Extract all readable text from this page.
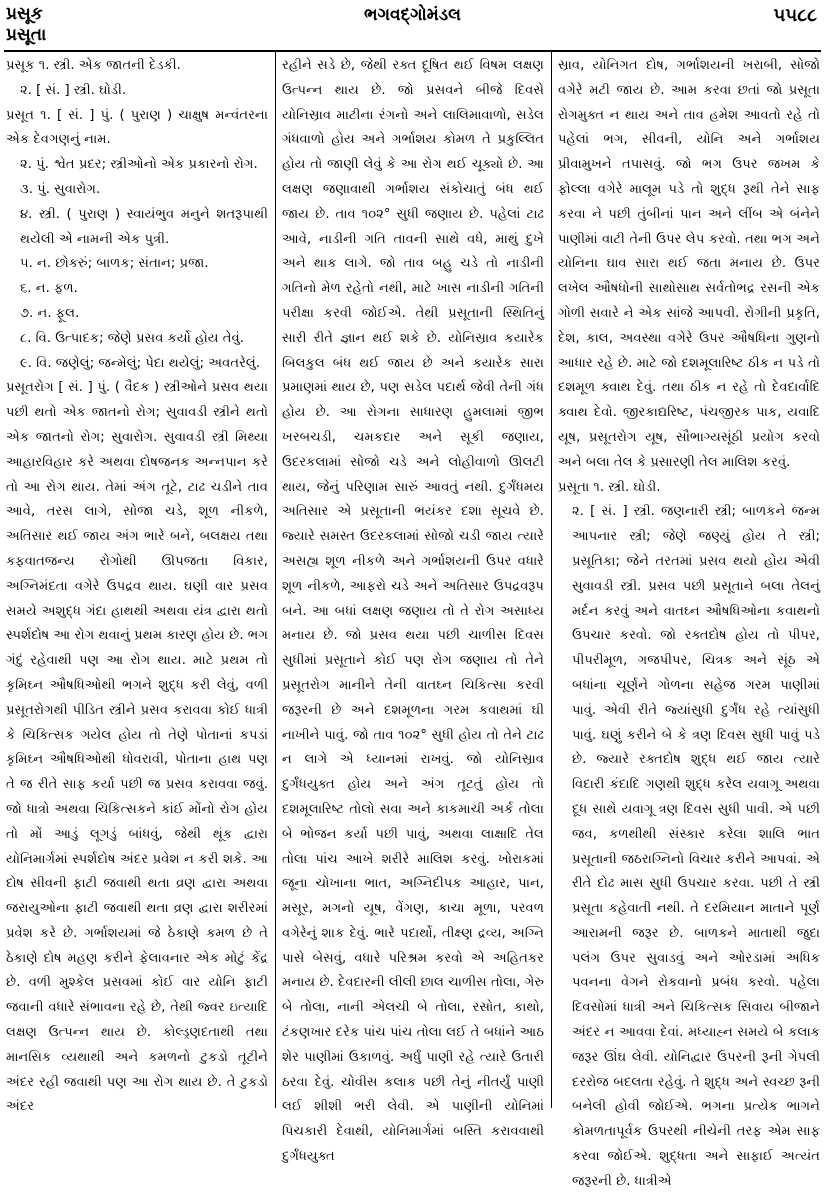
પ્રસૂક
પ્રસૂતા
ભગવદ્ગોમંડલ	૫૫૮૮

પ્રસૂક ૧. સ્ત્રી. એક જાતની દેડકી.

૨. [ સં. ] સ્ત્રી. ઘોડી.

પ્રસૂત ૧. [ સં. ] પું. ( પુરાણ ) ચાક્ષુષ મન્વંતરના એક દેવગણનું નામ.

૨. પું. શ્વેત પ્રદર; સ્ત્રીઓનો એક પ્રકારનો રોગ.

૩. પું. સુવારોગ.

૪. સ્ત્રી. ( પુરાણ ) સ્વાયંભુવ મનુને શતરૂપાથી થયેલી એ નામની એક પુત્રી.

૫. ન. છોકરું; બાળક; સંતાન; પ્રજા.

૬. ન. ફળ.

૭. ન. ફૂલ.

૮. વિ. ઉત્પાદક; જેણે પ્રસવ કર્યો હોય તેવું.

૯. વિ. જણેલું; જન્મેલું; પેદા થયેલું; અવતરેલું.

પ્રસૂતરોગ [ સં. ] પું. ( વૈદક ) સ્ત્રીઓને પ્રસવ થયા પછી થતો એક જાતનો રોગ; સુવાવડી સ્ત્રીને થતો એક જાતનો રોગ; સુવારોગ. સુવાવડી સ્ત્રી મિથ્યા આહારવિહાર કરે અથવા દોષજનક અન્નપાન કરે તો આ રોગ થાય. તેમાં અંગ તૂટે, ટાઢ ચડીને તાવ આવે, તરસ લાગે, સોજા ચડે, શૂળ નીકળે, અતિસાર થઈ જાય અંગ ભારે બને, બલક્ષય તથા કફવાતજન્ય રોગોથી ઊપજતા વિકાર, અગ્નિમંદતા વગેરે ઉપદ્રવ થાય. ઘણી વાર પ્રસવ સમયે અશુદ્ધ ગંદા હાથથી અથવા યંત્ર દ્વારા થતો સ્પર્શદોષ આ રોગ થવાનું પ્રથમ કારણ હોય છે. ભગ ગંદું રહેવાથી પણ આ રોગ થાય. માટે પ્રથમ તો કૃમિઘ્ન ઔષધિઓથી ભગને શુદ્ધ કરી લેવું, વળી પ્રસૂતરોગથી પીડિત સ્ત્રીને પ્રસવ કરાવવા કોઈ ધાત્રી કે ચિકિત્સક ગયેલ હોય તો તેણે પોતાનાં કપડાં કૃમિઘ્ન ઔષધિઓથી ધોવરાવી, પોતાના હાથ પણ તે જ રીતે સાફ કર્યા પછી જ પ્રસવ કરાવવા જવું. જો ધાત્રો અથવા ચિકિત્સકને કાંઈ મોંનો રોગ હોય તો મોં આડું લૂગડું બાંધવું, જેથી થૂંક દ્વારા યોનિમાર્ગમાં સ્પર્શદોષ અંદર પ્રવેશ ન કરી શકે. આ દોષ સીવની ફાટી જવાથી થતા વ્રણ દ્વારા અથવા જરાયુઓના ફાટી જવાથી થતા વ્રણ દ્વારા શરીરમાં પ્રવેશ કરે છે. ગર્ભાશયમાં જે ઠેકાણે કમળ છે તે ઠેકાણે દોષ મહણ કરીને ફેલાવનાર એક મોટું કેંદ્ર છે. વળી મુશ્કેલ પ્રસવમાં કોઈ વાર યોનિ ફાટી જવાની વધારે સંભાવના રહે છે, તેથી જ્વર ઇત્યાદિ લક્ષણ ઉત્પન્ન થાય છે. કોલ્ડ્રણદતાથી તથા માનસિક વ્યથાથી અને કમળનો ટુકડો તૂટીને અંદર રહી જવાથી પણ આ રોગ થાય છે. તે ટુકડો અંદર

રહીને સડે છે, જેથી રક્ત દૂષિત થઈ વિષમ લક્ષણ ઉત્પન્ન થાય છે. જો પ્રસવને બીજે દિવસે યોનિસ્રાવ માટીના રંગનો અને લાલિમાવાળો, સડેલ ગંધવાળો હોય અને ગર્ભાશય કોમળ તે પ્રકુલ્લિત હોય તો જાણી લેવું કે આ રોગ થઈ ચૂક્યો છે. આ લક્ષણ જણાવાથી ગર્ભાશય સંકોચાતું બંધ થઈ જાય છે. તાવ ૧૦૨° સુધી જણાય છે. પહેલાં ટાઢ આવે, નાડીની ગતિ તાવની સાથે વધે, માથું દુખે અને થાક લાગે. જો તાવ બહુ ચડે તો નાડીની ગતિનો મેળ રહેતો નથી, માટે ખાસ નાડીની ગતિની પરીક્ષા કરવી જોઈએ. તેથી પ્રસૂતાની સ્થિતિનું સારી રીતે જ્ઞાન થઈ શકે છે. યોનિસ્રાવ કયારેક બિલકુલ બંધ થઈ જાય છે અને કયારેક સારા પ્રમાણમાં થાય છે, પણ સડેલ પદાર્થ જેવી તેની ગંધ હોય છે. આ રોગના સાધારણ હુમલામાં જીભ ખરબચડી, ચમકદાર અને સૂકી જણાય, ઉદરકલામાં સોજો ચડે અને લોહીવાળો ઊલટી થાય, જેનું પરિણામ સારું આવતું નથી. દુર્ગંધમય અતિસાર એ પ્રસૂતાની ભયંકર દશા સૂચવે છે. જ્યારે સમસ્ત ઉદરકલામાં સોજો ચડી જાય ત્યારે અસહ્ય શૂળ નીકળે અને ગર્ભાશયની ઉપર વધારે શૂળ નીકળે, આફરો ચડે અને અતિસાર ઉપદ્રવરૂપ બને. આ બધાં લક્ષણ જણાય તો તે રોગ અસાધ્ય મનાય છે. જો પ્રસવ થયા પછી ચાળીસ દિવસ સુધીમાં પ્રસૂતાને કોઈ પણ રોગ જણાય તો તેને પ્રસૂતરોગ માનીને તેની વાતઘ્ન ચિકિત્સા કરવી જરૂરની છે અને દશમૂળના ગરમ કવાથમાં ઘી નાખીને પાવું. જો તાવ ૧૦૨° સુધી હોય તો તેને ટાઢ ન લાગે એ ધ્યાનમાં રાખવું. જો યોનિસ્રાવ દુર્ગંધયુક્ત હોય અને અંગ તૂટતું હોય તો દશમૂલારિષ્ટ તોલો સવા અને કાકમાચી અર્ક તોલા બે ભોજન કર્યા પછી પાવું, અથવા લાક્ષાદિ તેલ તોલા પાંચ આખે શરીરે માલિશ કરવું. ખોરાકમાં જૂના ચોખાના ભાત, અગ્નિદીપક આહાર, પાન, મસૂર, મગનો યૂષ, વેંગણ, કાચા મૂળા, પરવળ વગેરેનું શાક દેવું. ભારે પદાર્થો, તીક્ષ્ણ દ્રવ્ય, અગ્નિ પાસે બેસવું, વધારે પરિશ્રમ કરવો એ અહિતકર મનાય છે. દેવદારની લીલી છાલ ચાળીસ તોલા, ગેરુ બે તોલા, નાની એલચી બે તોલા, રસોત, કાથો, ટંકણખાર દરેક પાંચ પાંચ તોલા લઈ તે બધાંને આઠ શેર પાણીમાં ઉકાળવું. અર્ધું પાણી રહે ત્યારે ઉતારી ઠરવા દેવું. ચોવીસ કલાક પછી તેનું નીતર્યું પાણી લઈ શીશી ભરી લેવી. એ પાણીની યોનિમાં પિચકારી દેવાથી, યોનિમાર્ગમાં બસ્તિ કરાવવાથી દુર્ગંધયુક્ત

સ્રાવ, યોનિગત દોષ, ગર્ભાશયની ખરાબી, સોજો વગેરે મટી જાય છે. આમ કરવા છતાં જો પ્રસૂતા રોગમુક્ત ન થાય અને તાવ હમેશ આવતો રહે તો પહેલાં ભગ, સીવની, યોનિ અને ગર્ભાશય પ્રીવામુખને તપાસવું. જો ભગ ઉપર જખમ કે ફોલ્લા વગેરે માલૂમ પડે તો શુદ્ધ રૂથી તેને સાફ કરવા ને પછી તુંબીનાં પાન અને લીંબ એ બંનેને પાણીમાં વાટી તેની ઉપર લેપ કરવો. તથા ભગ અને યોનિના ઘાવ સારા થઈ જતા મનાય છે. ઉપર લખેલ ઔષધોની સાથોસાથ સર્વતોભદ્ર રસની એક ગોળી સવારે ને એક સાંજે આપવી. રોગીની પ્રકૃતિ, દેશ, કાલ, અવસ્થા વગેરે ઉપર ઔષધિના ગુણનો આધાર રહે છે. માટે જો દશમૂલારિષ્ટ ઠીક ન પડે તો દશમૂળ ક્વાથ દેવું. તથા ઠીક ન રહે તો દેવદાર્વાદિ ક્વાથ દેવો. જીરકાદ્યરિષ્ટ, પંચજીરક પાક, યવાદિ યૂષ, પ્રસૂતરોગ યૂષ, સૌભાગ્યસૂંઠી પ્રયોગ કરવો અને બલા તેલ કે પ્રસારણી તેલ માલિશ કરવું.

પ્રસૂતા ૧. સ્ત્રી. ઘોડી.

૨. [ સં. ] સ્ત્રી. જણનારી સ્ત્રી; બાળકને જન્મ આપનાર સ્ત્રી; જેણે જણ્યું હોય તે સ્ત્રી; પ્રસૂતિકા; જેને તરતમાં પ્રસવ થયો હોય એવી સુવાવડી સ્ત્રી. પ્રસવ પછી પ્રસૂતાને બલા તેલનું મર્દન કરવું અને વાતઘ્ન ઔષધિઓના કવાથનો ઉપચાર કરવો. જો રક્તદોષ હોય તો પીપર, પીપરીમૂળ, ગજપીપર, ચિત્રક અને સૂંઠ એ બધાંના ચૂર્ણને ગોળના સહેજ ગરમ પાણીમાં પાવું. એવી રીતે જ્યાંસુધી દુર્ગંધ રહે ત્યાંસુધી પાવું. ઘણું કરીને બે કે ત્રણ દિવસ સુધી પાવું પડે છે. જ્યારે રક્તદોષ શુદ્ધ થઈ જાય ત્યારે વિદારી કંદાદિ ગણથી શુદ્ધ કરેલ યવાગૂ અથવા દૂધ સાથે યવાગૂ ત્રણ દિવસ સુધી પાવી. એ પછી જવ, કળથીથી સંસ્કાર કરેલા શાલિ ભાત પ્રસૂતાની જઠરાગ્નિનો વિચાર કરીને આપવાં. એ રીતે દોઢ માસ સુધી ઉપચાર કરવા. પછી તે સ્ત્રી પ્રસૂતા કહેવાતી નથી. તે દરમિયાન માતાને પૂર્ણ આરામની જરૂર છે. બાળકને માતાથી જુદા પલંગ ઉપર સુવાડવું અને ઓરડામાં અધિક પવનના વેગને રોકવાનો પ્રબંધ કરવો. પહેલા દિવસોમાં ધાત્રી અને ચિકિત્સક સિવાય બીજાને અંદર ન આવવા દેવાં. મધ્યાહ્ન સમયે બે કલાક જરૂર ઊંઘ લેવી. યોનિદ્વાર ઉપરની રૂની ગેપલી દરરોજ બદલતા રહેવું. તે શુદ્ધ અને સ્વચ્છ રૂની બનેલી હોવી જોઈએ. ભગના પ્રત્યેક ભાગને કોમળતાપૂર્વક ઉપરથી નીચેની તરફ એમ સાફ કરવા જોઈએ. શુદ્ધતા અને સાફાઈ અત્યંત જરૂરની છે. ધાત્રીએ
